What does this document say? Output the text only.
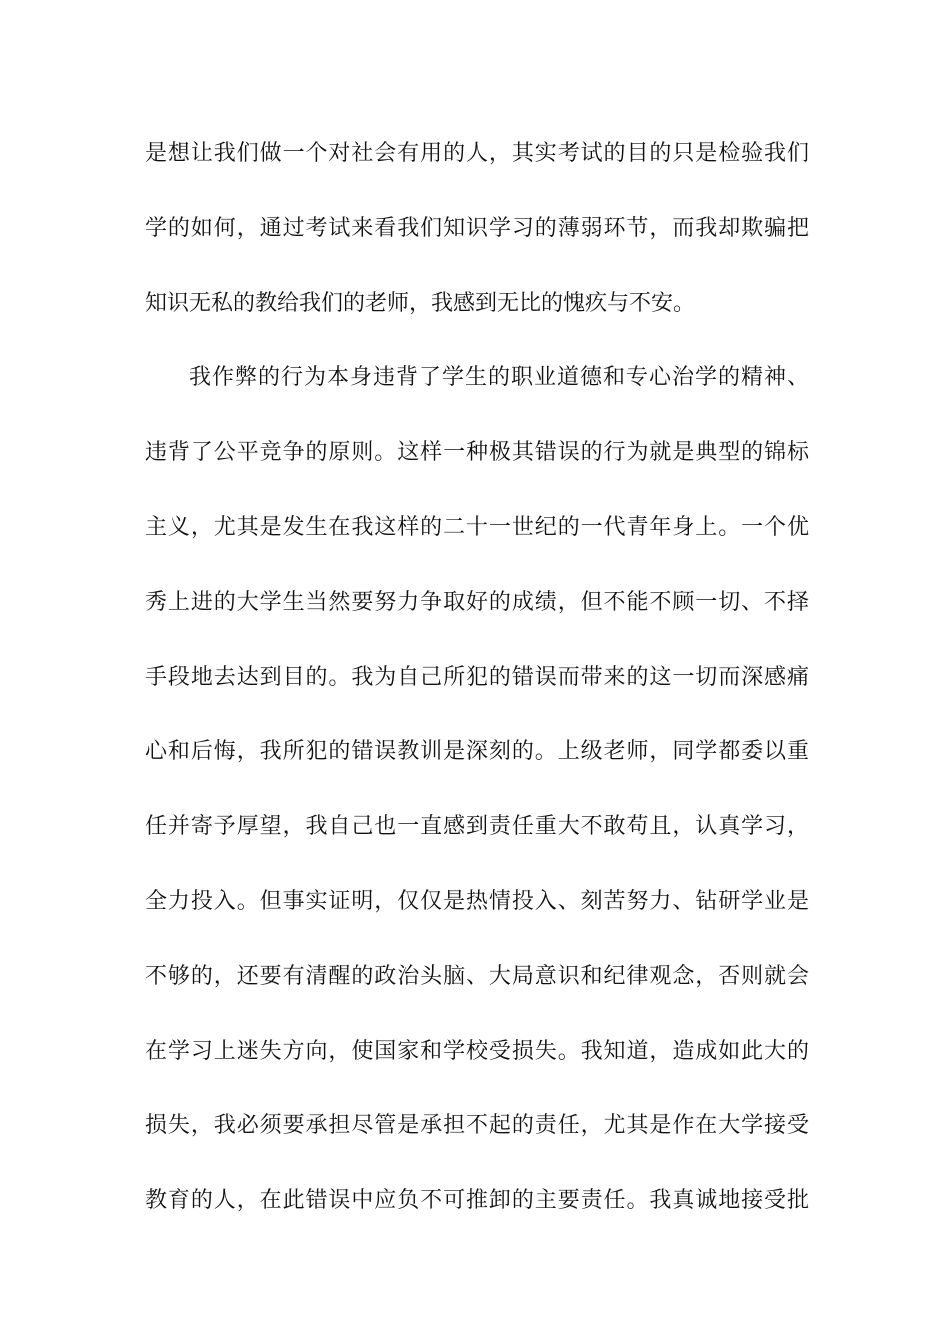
是想让我们做一个对社会有用的人，其实考试的目的只是检验我们
学的如何，通过考试来看我们知识学习的薄弱环节，而我却欺骗把
知识无私的教给我们的老师，我感到无比的愧疚与不安。
我作弊的行为本身违背了学生的职业道德和专心治学的精神、
违背了公平竞争的原则。这样一种极其错误的行为就是典型的锦标
主义，尤其是发生在我这样的二十一世纪的一代青年身上。一个优
秀上进的大学生当然要努力争取好的成绩，但不能不顾一切、不择
手段地去达到目的。我为自己所犯的错误而带来的这一切而深感痛
心和后悔，我所犯的错误教训是深刻的。上级老师，同学都委以重
任并寄予厚望，我自己也一直感到责任重大不敢苟且，认真学习，
全力投入。但事实证明，仅仅是热情投入、刻苦努力、钻研学业是
不够的，还要有清醒的政治头脑、大局意识和纪律观念，否则就会
在学习上迷失方向，使国家和学校受损失。我知道，造成如此大的
损失，我必须要承担尽管是承担不起的责任，尤其是作在大学接受
教育的人，在此错误中应负不可推卸的主要责任。我真诚地接受批
